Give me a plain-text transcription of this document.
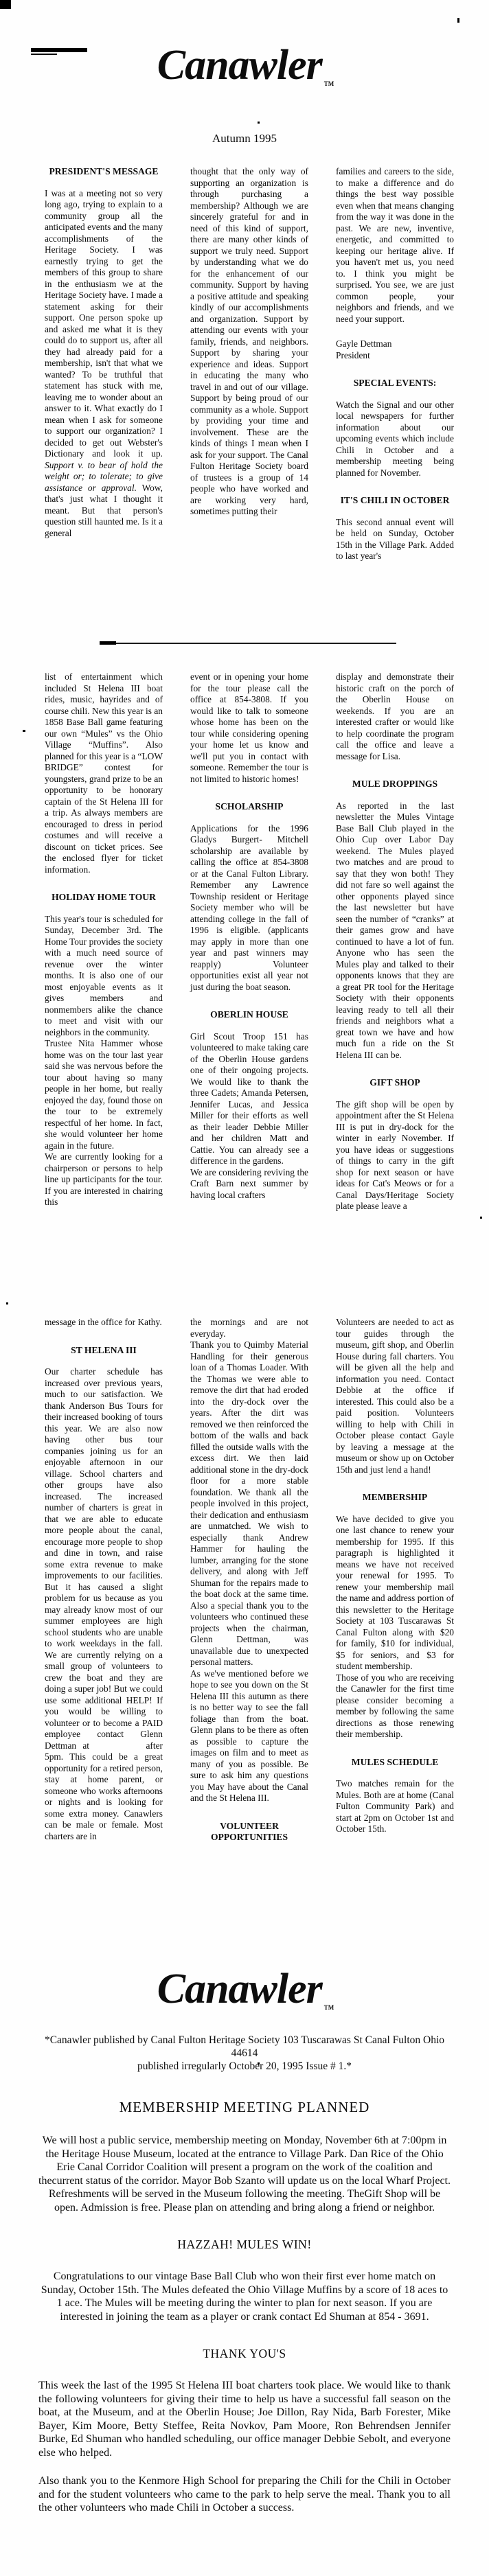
Canawler $_{TM}$
Autumn 1995
PRESIDENT'S MESSAGE

I was at a meeting not so very long ago, trying to explain to a community group all the anticipated events and the many accomplishments of the Heritage Society. I was earnestly trying to get the members of this group to share in the enthusiasm we at the Heritage Society have. I made a statement asking for their support. One person spoke up and asked me what it is they could do to support us, after all they had already paid for a membership, isn't that what we wanted? To be truthful that statement has stuck with me, leaving me to wonder about an answer to it. What exactly do I mean when I ask for someone to support our organization? I decided to get out Webster's Dictionary and look it up. Support v. to bear of hold the weight or; to tolerate; to give assistance or approval. Wow, that's just what I thought it meant. But that person's question still haunted me. Is it a general

thought that the only way of supporting an organization is through purchasing a membership? Although we are sincerely grateful for and in need of this kind of support, there are many other kinds of support we truly need. Support by understanding what we do for the enhancement of our community. Support by having a positive attitude and speaking kindly of our accomplishments and organization. Support by attending our events with your family, friends, and neighbors. Support by sharing your experience and ideas. Support in educating the many who travel in and out of our village. Support by being proud of our community as a whole. Support by providing your time and involvement. These are the kinds of things I mean when I ask for your support. The Canal Fulton Heritage Society board of trustees is a group of 14 people who have worked and are working very hard, sometimes putting their

families and careers to the side, to make a difference and do things the best way possible even when that means changing from the way it was done in the past. We are new, inventive, energetic, and committed to keeping our heritage alive. If you haven't met us, you need to. I think you might be surprised. You see, we are just common people, your neighbors and friends, and we need your support.

Gayle Dettman
President
SPECIAL EVENTS:

Watch the Signal and our other local newspapers for further information about our upcoming events which include Chili in October and a membership meeting being planned for November.

IT'S CHILI IN OCTOBER

This second annual event will be held on Sunday, October 15th in the Village Park. Added to last year's

list of entertainment which included St Helena III boat rides, music, hayrides and of course chili. New this year is an 1858 Base Ball game featuring our own “Mules” vs the Ohio Village “Muffins”. Also planned for this year is a “LOW BRIDGE” contest for youngsters, grand prize to be an opportunity to be honorary captain of the St Helena III for a trip. As always members are encouraged to dress in period costumes and will receive a discount on ticket prices. See the enclosed flyer for ticket information.

HOLIDAY HOME TOUR

This year's tour is scheduled for Sunday, December 3rd. The Home Tour provides the society with a much need source of revenue over the winter months. It is also one of our most enjoyable events as it gives members and nonmembers alike the chance to meet and visit with our neighbors in the community.

Trustee Nita Hammer whose home was on the tour last year said she was nervous before the tour about having so many people in her home, but really enjoyed the day, found those on the tour to be extremely respectful of her home. In fact, she would volunteer her home again in the future.

We are currently looking for a chairperson or persons to help line up participants for the tour. If you are interested in chairing this

event or in opening your home for the tour please call the office at 854-3808. If you would like to talk to someone whose home has been on the tour while considering opening your home let us know and we'll put you in contact with someone. Remember the tour is not limited to historic homes!

SCHOLARSHIP

Applications for the 1996 Gladys Burgert- Mitchell scholarship are available by calling the office at 854-3808 or at the Canal Fulton Library. Remember any Lawrence Township resident or Heritage Society member who will be attending college in the fall of 1996 is eligible. (applicants may apply in more than one year and past winners may reapply) Volunteer opportunities exist all year not just during the boat season.

OBERLIN HOUSE

Girl Scout Troop 151 has volunteered to make taking care of the Oberlin House gardens one of their ongoing projects. We would like to thank the three Cadets; Amanda Petersen, Jennifer Lucas, and Jessica Miller for their efforts as well as their leader Debbie Miller and her children Matt and Cattie. You can already see a difference in the gardens.

We are considering reviving the Craft Barn next summer by having local crafters

display and demonstrate their historic craft on the porch of the Oberlin House on weekends. If you are an interested crafter or would like to help coordinate the program call the office and leave a message for Lisa.

MULE DROPPINGS

As reported in the last newsletter the Mules Vintage Base Ball Club played in the Ohio Cup over Labor Day weekend. The Mules played two matches and are proud to say that they won both! They did not fare so well against the other opponents played since the last newsletter but have seen the number of “cranks” at their games grow and have continued to have a lot of fun. Anyone who has seen the Mules play and talked to their opponents knows that they are a great PR tool for the Heritage Society with their opponents leaving ready to tell all their friends and neighbors what a great town we have and how much fun a ride on the St Helena III can be.

GIFT SHOP

The gift shop will be open by appointment after the St Helena III is put in dry-dock for the winter in early November. If you have ideas or suggestions of things to carry in the gift shop for next season or have ideas for Cat's Meows or for a Canal Days/Heritage Society plate please leave a

message in the office for Kathy.

ST HELENA III

Our charter schedule has increased over previous years, much to our satisfaction. We thank Anderson Bus Tours for their increased booking of tours this year. We are also now having other bus tour companies joining us for an enjoyable afternoon in our village. School charters and other groups have also increased. The increased number of charters is great in that we are able to educate more people about the canal, encourage more people to shop and dine in town, and raise some extra revenue to make improvements to our facilities. But it has caused a slight problem for us because as you may already know most of our summer employees are high school students who are unable to work weekdays in the fall. We are currently relying on a small group of volunteers to crew the boat and they are doing a super job! But we could use some additional HELP! If you would be willing to volunteer or to become a PAID employee contact Glenn Dettman at	after 5pm. This could be a great opportunity for a retired person, stay at home parent, or someone who works afternoons or nights and is looking for some extra money. Canawlers can be male or female. Most charters are in

the mornings and are not everyday.

Thank you to Quimby Material Handling for their generous loan of a Thomas Loader. With the Thomas we were able to remove the dirt that had eroded into the dry-dock over the years. After the dirt was removed we then reinforced the bottom of the walls and back filled the outside walls with the excess dirt. We then laid additional stone in the dry-dock floor for a more stable foundation. We thank all the people involved in this project, their dedication and enthusiasm are unmatched. We wish to especially thank Andrew Hammer for hauling the lumber, arranging for the stone delivery, and along with Jeff Shuman for the repairs made to the boat dock at the same time. Also a special thank you to the volunteers who continued these projects when the chairman, Glenn Dettman, was unavailable due to unexpected personal matters.

As we've mentioned before we hope to see you down on the St Helena III this autumn as there is no better way to see the fall foliage than from the boat. Glenn plans to be there as often as possible to capture the images on film and to meet as many of you as possible. Be sure to ask him any questions you May have about the Canal and the St Helena III.

VOLUNTEER OPPORTUNITIES

Volunteers are needed to act as tour guides through the museum, gift shop, and Oberlin House during fall charters. You will be given all the help and information you need. Contact Debbie at the office if interested. This could also be a paid position. Volunteers willing to help with Chili in October please contact Gayle by leaving a message at the museum or show up on October 15th and just lend a hand!

MEMBERSHIP

We have decided to give you one last chance to renew your membership for 1995. If this paragraph is highlighted it means we have not received your renewal for 1995. To renew your membership mail the name and address portion of this newsletter to the Heritage Society at 103 Tuscarawas St Canal Fulton along with $20 for family, $10 for individual, $5 for seniors, and $3 for student membership.

Those of you who are receiving the Canawler for the first time please consider becoming a member by following the same directions as those renewing their membership.

MULES SCHEDULE

Two matches remain for the Mules. Both are at home (Canal Fulton Community Park) and start at 2pm on October 1st and October 15th.

Canawler $_{TM}$

*Canawler published by Canal Fulton Heritage Society 103 Tuscarawas St Canal Fulton Ohio 44614

published irregularly October 20, 1995 Issue # 1.*

MEMBERSHIP MEETING PLANNED

We will host a public service, membership meeting on Monday, November 6th at 7:00pm in the Heritage House Museum, located at the entrance to Village Park. Dan Rice of the Ohio Erie Canal Corridor Coalition will present a program on the work of the coalition and thecurrent status of the corridor. Mayor Bob Szanto will update us on the local Wharf Project. Refreshments will be served in the Museum following the meeting. TheGift Shop will be open. Admission is free. Please plan on attending and bring along a friend or neighbor.

HAZZAH! MULES WIN!

Congratulations to our vintage Base Ball Club who won their first ever home match on Sunday, October 15th. The Mules defeated the Ohio Village Muffins by a score of 18 aces to 1 ace. The Mules will be meeting during the winter to plan for next season. If you are interested in joining the team as a player or crank contact Ed Shuman at 854 - 3691.

THANK YOU'S

This week the last of the 1995 St Helena III boat charters took place. We would like to thank the following volunteers for giving their time to help us have a successful fall season on the boat, at the Museum, and at the Oberlin House; Joe Dillon, Ray Nida, Barb Forester, Mike Bayer, Kim Moore, Betty Steffee, Reita Novkov, Pam Moore, Ron Behrendsen Jennifer Burke, Ed Shuman who handled scheduling, our office manager Debbie Sebolt, and everyone else who helped.

Also thank you to the Kenmore High School for preparing the Chili for the Chili in October and for the student volunteers who came to the park to help serve the meal. Thank you to all the other volunteers who made Chili in October a success.
